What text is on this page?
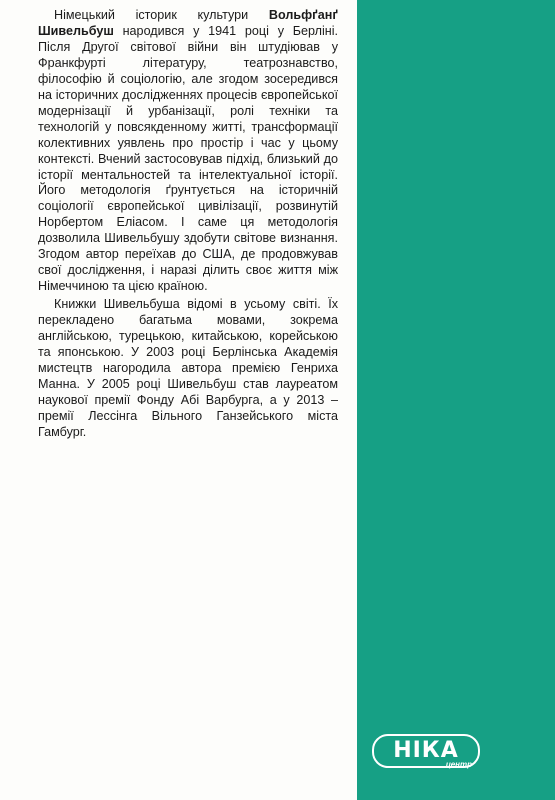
Німецький історик культури Вольфґанґ Шивельбуш народився у 1941 році у Берліні. Після Другої світової війни він штудіював у Франкфурті літературу, театрознавство, філософію й соціологію, але згодом зосередився на історичних дослідженнях процесів європейської модернізації й урбанізації, ролі техніки та технологій у повсякденному житті, трансформації колективних уявлень про простір і час у цьому контексті. Вчений застосовував підхід, близький до історії ментальностей та інтелектуальної історії. Його методологія ґрунтується на історичній соціології європейської цивілізації, розвинутій Норбертом Еліасом. І саме ця методологія дозволила Шивельбушу здобути світове визнання. Згодом автор переїхав до США, де продовжував свої дослідження, і наразі ділить своє життя між Німеччиною та цією країною.

Книжки Шивельбуша відомі в усьому світі. Їх перекладено багатьма мовами, зокрема англійською, турецькою, китайською, корейською та японською. У 2003 році Берлінська Академія мистецтв нагородила автора премією Генриха Манна. У 2005 році Шивельбуш став лауреатом наукової премії Фонду Абі Варбурга, а у 2013 – премії Лессінга Вільного Ганзейського міста Гамбург.

НІКА
центр
